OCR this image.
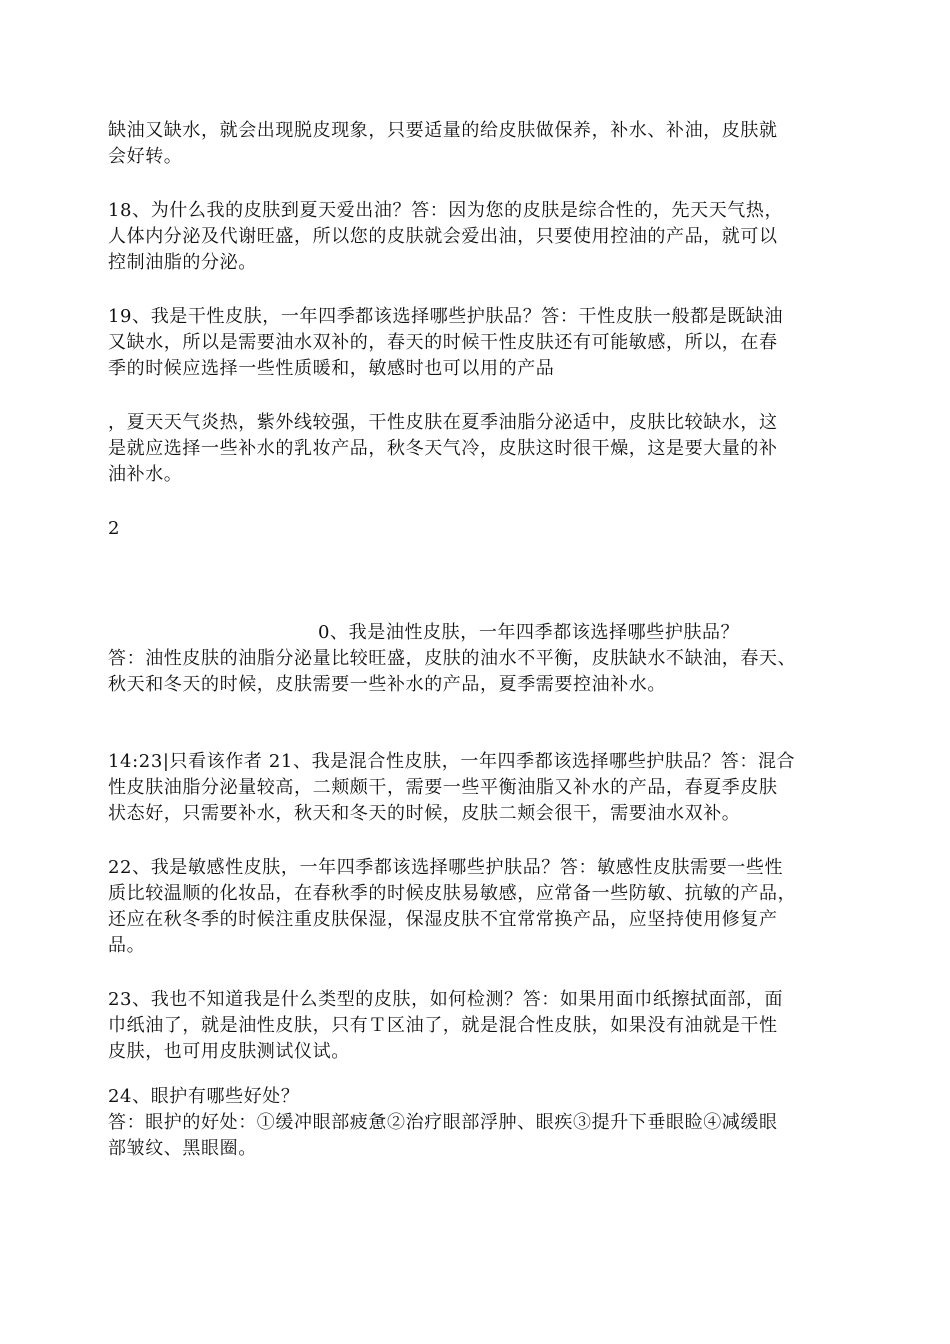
缺油又缺水，就会出现脱皮现象，只要适量的给皮肤做保养，补水、补油，皮肤就
会好转。

18、为什么我的皮肤到夏天爱出油？答：因为您的皮肤是综合性的，先天天气热，
人体内分泌及代谢旺盛，所以您的皮肤就会爱出油，只要使用控油的产品，就可以
控制油脂的分泌。

19、我是干性皮肤，一年四季都该选择哪些护肤品？答：干性皮肤一般都是既缺油
又缺水，所以是需要油水双补的，春天的时候干性皮肤还有可能敏感，所以，在春
季的时候应选择一些性质暖和，敏感时也可以用的产品

，夏天天气炎热，紫外线较强，干性皮肤在夏季油脂分泌适中，皮肤比较缺水，这
是就应选择一些补水的乳妆产品，秋冬天气冷，皮肤这时很干燥，这是要大量的补
油补水。

2

0、我是油性皮肤，一年四季都该选择哪些护肤品？

答：油性皮肤的油脂分泌量比较旺盛，皮肤的油水不平衡，皮肤缺水不缺油，春天、
秋天和冬天的时候，皮肤需要一些补水的产品，夏季需要控油补水。

14:23|只看该作者 21、我是混合性皮肤，一年四季都该选择哪些护肤品？答：混合
性皮肤油脂分泌量较高，二颊颇干，需要一些平衡油脂又补水的产品，春夏季皮肤
状态好，只需要补水，秋天和冬天的时候，皮肤二颊会很干，需要油水双补。

22、我是敏感性皮肤，一年四季都该选择哪些护肤品？答：敏感性皮肤需要一些性
质比较温顺的化妆品，在春秋季的时候皮肤易敏感，应常备一些防敏、抗敏的产品，
还应在秋冬季的时候注重皮肤保湿，保湿皮肤不宜常常换产品，应坚持使用修复产
品。

23、我也不知道我是什么类型的皮肤，如何检测？答：如果用面巾纸擦拭面部，面
巾纸油了，就是油性皮肤，只有Ｔ区油了，就是混合性皮肤，如果没有油就是干性
皮肤，也可用皮肤测试仪试。

24、眼护有哪些好处？

答：眼护的好处：①缓冲眼部疲惫②治疗眼部浮肿、眼疾③提升下垂眼睑④减缓眼
部皱纹、黑眼圈。
